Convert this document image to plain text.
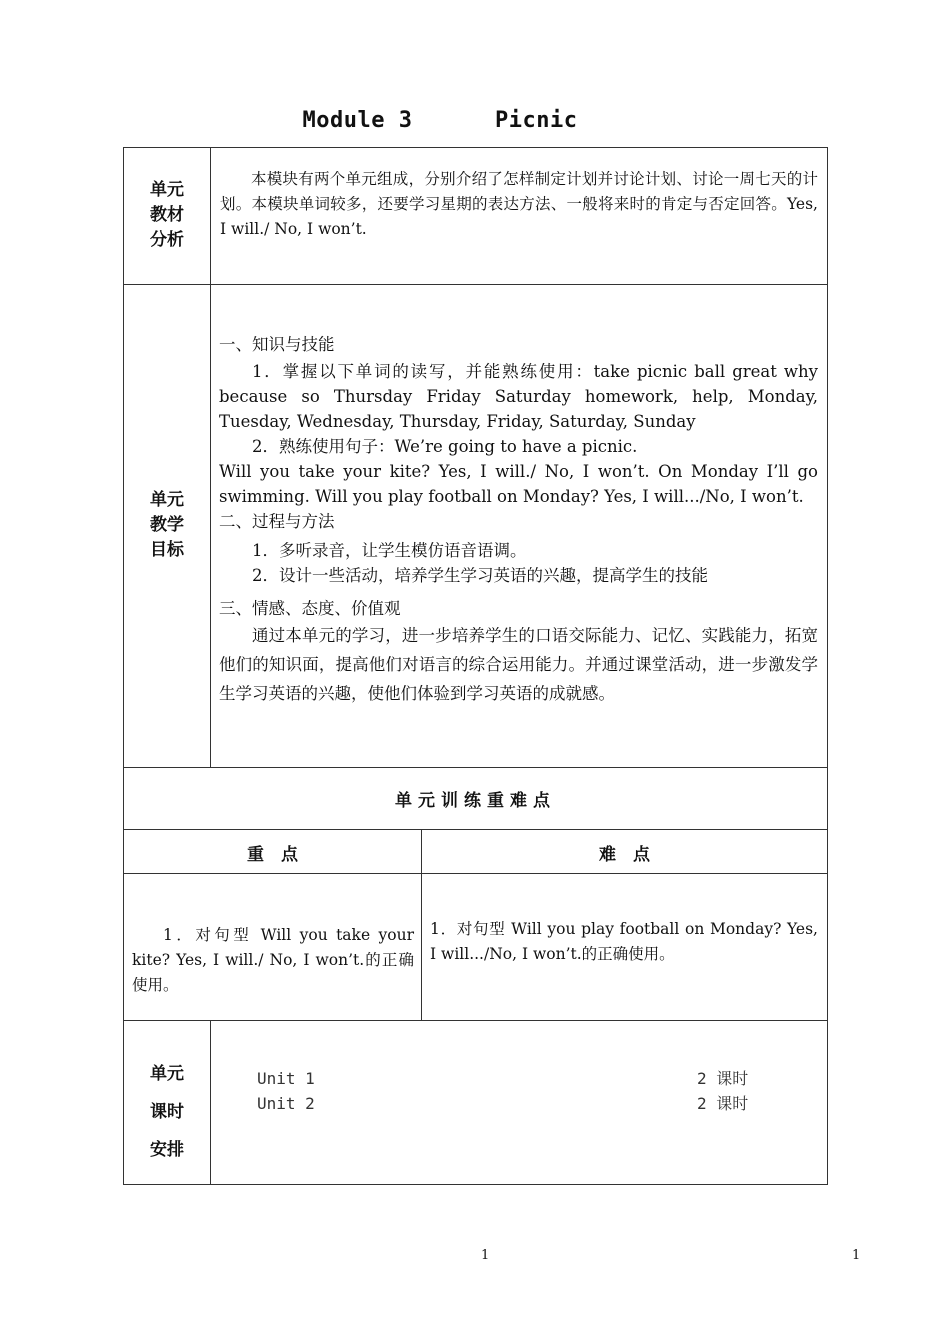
Module 3      Picnic
单元
教材
分析
本模块有两个单元组成，分别介绍了怎样制定计划并讨论计划、讨论一周七天的计划。本模块单词较多，还要学习星期的表达方法、一般将来时的肯定与否定回答。Yes, I will./ No, I won’t.
单元
教学
目标

一、知识与技能

1．掌握以下单词的读写，并能熟练使用：take picnic ball great why because so Thursday Friday Saturday homework, help, Monday, Tuesday, Wednesday, Thursday, Friday, Saturday, Sunday

2．熟练使用句子：We’re going to have a picnic.

Will you take your kite? Yes, I will./ No, I won’t. On Monday I’ll go swimming. Will you play football on Monday? Yes, I will.../No, I won’t.

二、过程与方法

1．多听录音，让学生模仿语音语调。

2．设计一些活动，培养学生学习英语的兴趣，提高学生的技能

三、情感、态度、价值观

通过本单元的学习，进一步培养学生的口语交际能力、记忆、实践能力，拓宽他们的知识面，提高他们对语言的综合运用能力。并通过课堂活动，进一步激发学生学习英语的兴趣，使他们体验到学习英语的成就感。

单元训练重难点
重　点	难　点
1．对句型 Will you take your kite? Yes, I will./ No, I won’t.的正确使用。
1．对句型 Will you play football on Monday? Yes, I will.../No, I won’t.的正确使用。
单元
课时
安排
Unit 1
Unit 2
2 课时
2 课时
1	1
